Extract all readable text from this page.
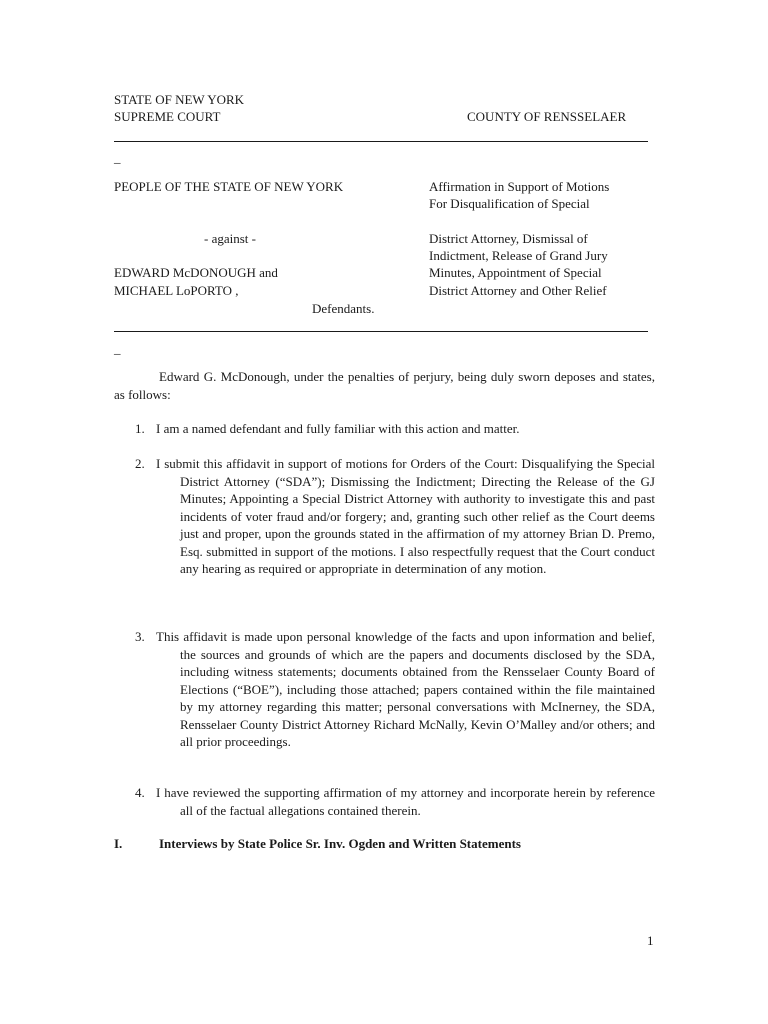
STATE OF NEW YORK
SUPREME COURT	COUNTY OF RENSSELAER
_
PEOPLE OF THE STATE OF NEW YORK
- against -
EDWARD McDONOUGH and
MICHAEL LoPORTO ,
Defendants.
Affirmation in Support of Motions
For Disqualification of Special
District Attorney, Dismissal of
Indictment, Release of Grand Jury
Minutes, Appointment of Special
District Attorney and Other Relief
_
Edward G. McDonough, under the penalties of perjury, being duly sworn deposes and states, as follows:
1. I am a named defendant and fully familiar with this action and matter.
2. I submit this affidavit in support of motions for Orders of the Court: Disqualifying the Special District Attorney (“SDA”); Dismissing the Indictment; Directing the Release of the GJ Minutes; Appointing a Special District Attorney with authority to investigate this and past incidents of voter fraud and/or forgery; and, granting such other relief as the Court deems just and proper, upon the grounds stated in the affirmation of my attorney Brian D. Premo, Esq. submitted in support of the motions. I also respectfully request that the Court conduct any hearing as required or appropriate in determination of any motion.
3. This affidavit is made upon personal knowledge of the facts and upon information and belief, the sources and grounds of which are the papers and documents disclosed by the SDA, including witness statements; documents obtained from the Rensselaer County Board of Elections (“BOE”), including those attached; papers contained within the file maintained by my attorney regarding this matter; personal conversations with McInerney, the SDA, Rensselaer County District Attorney Richard McNally, Kevin O’Malley and/or others; and all prior proceedings.
4. I have reviewed the supporting affirmation of my attorney and incorporate herein by reference all of the factual allegations contained therein.
I.	Interviews by State Police Sr. Inv. Ogden and Written Statements
1
